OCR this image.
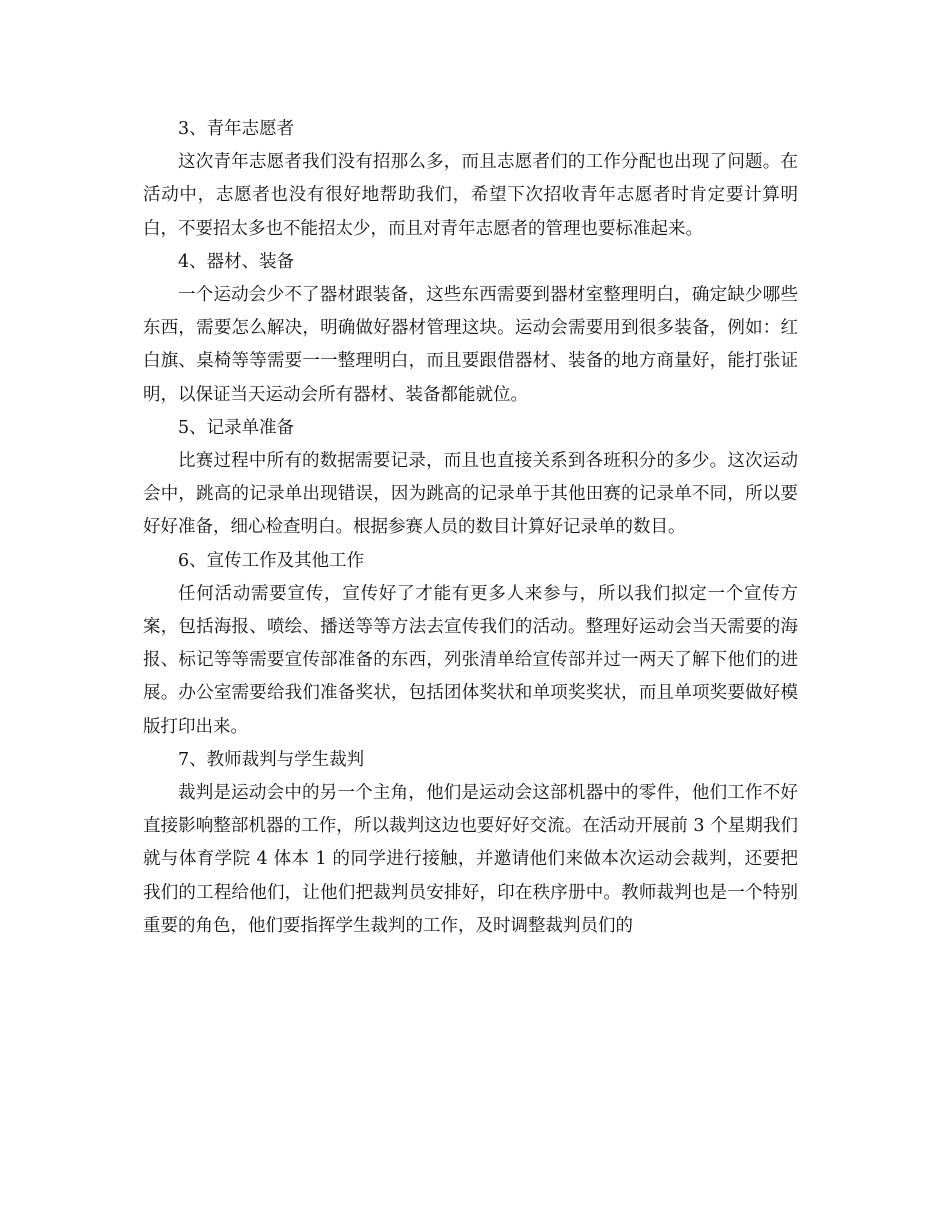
3、青年志愿者

这次青年志愿者我们没有招那么多，而且志愿者们的工作分配也出现了问题。在活动中，志愿者也没有很好地帮助我们，希望下次招收青年志愿者时肯定要计算明白，不要招太多也不能招太少，而且对青年志愿者的管理也要标准起来。

4、器材、装备

一个运动会少不了器材跟装备，这些东西需要到器材室整理明白，确定缺少哪些东西，需要怎么解决，明确做好器材管理这块。运动会需要用到很多装备，例如：红白旗、桌椅等等需要一一整理明白，而且要跟借器材、装备的地方商量好，能打张证明，以保证当天运动会所有器材、装备都能就位。

5、记录单准备

比赛过程中所有的数据需要记录，而且也直接关系到各班积分的多少。这次运动会中，跳高的记录单出现错误，因为跳高的记录单于其他田赛的记录单不同，所以要好好准备，细心检查明白。根据参赛人员的数目计算好记录单的数目。

6、宣传工作及其他工作

任何活动需要宣传，宣传好了才能有更多人来参与，所以我们拟定一个宣传方案，包括海报、喷绘、播送等等方法去宣传我们的活动。整理好运动会当天需要的海报、标记等等需要宣传部准备的东西，列张清单给宣传部并过一两天了解下他们的进展。办公室需要给我们准备奖状，包括团体奖状和单项奖奖状，而且单项奖要做好模版打印出来。

7、教师裁判与学生裁判

裁判是运动会中的另一个主角，他们是运动会这部机器中的零件，他们工作不好直接影响整部机器的工作，所以裁判这边也要好好交流。在活动开展前 3 个星期我们就与体育学院 4 体本 1 的同学进行接触，并邀请他们来做本次运动会裁判，还要把我们的工程给他们，让他们把裁判员安排好，印在秩序册中。教师裁判也是一个特别重要的角色，他们要指挥学生裁判的工作，及时调整裁判员们的
